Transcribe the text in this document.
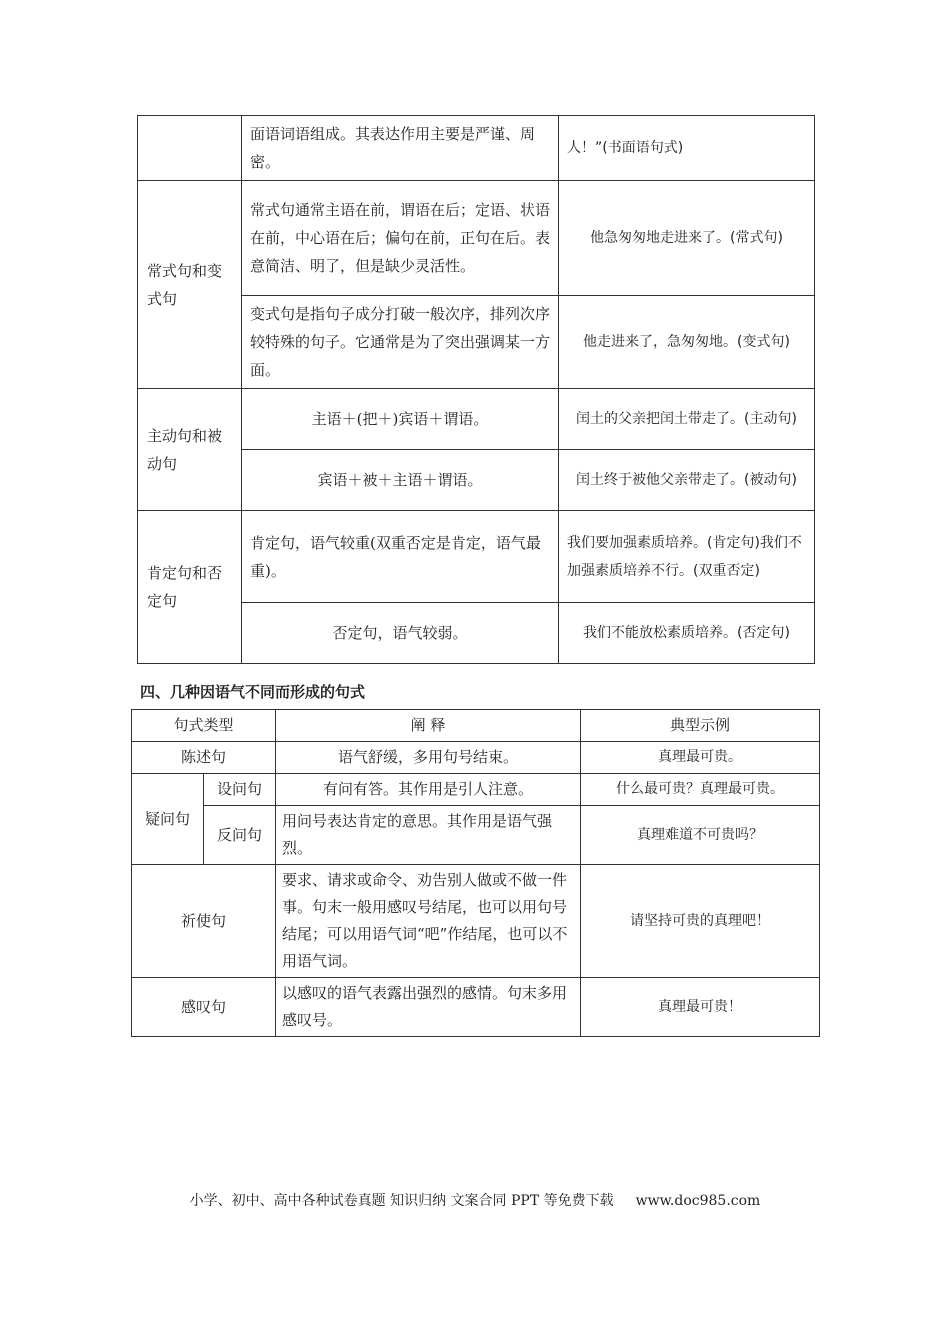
	面语词语组成。其表达作用主要是严谨、周密。	人！”(书面语句式)
常式句和变式句	常式句通常主语在前，谓语在后；定语、状语在前，中心语在后；偏句在前，正句在后。表意简洁、明了，但是缺少灵活性。	他急匆匆地走进来了。(常式句)
	变式句是指句子成分打破一般次序，排列次序较特殊的句子。它通常是为了突出强调某一方面。	他走进来了，急匆匆地。(变式句)
主动句和被动句	主语＋(把＋)宾语＋谓语。	闰土的父亲把闰土带走了。(主动句)
	宾语＋被＋主语＋谓语。	闰土终于被他父亲带走了。(被动句)
肯定句和否定句	肯定句，语气较重(双重否定是肯定，语气最重)。	我们要加强素质培养。(肯定句)我们不加强素质培养不行。(双重否定)
	否定句，语气较弱。	我们不能放松素质培养。(否定句)
四、几种因语气不同而形成的句式
句式类型		阐 释	典型示例
陈述句		语气舒缓，多用句号结束。	真理最可贵。
疑问句	设问句	有问有答。其作用是引人注意。	什么最可贵？真理最可贵。
	反问句	用问号表达肯定的意思。其作用是语气强烈。	真理难道不可贵吗？
祈使句		要求、请求或命令、劝告别人做或不做一件事。句末一般用感叹号结尾，也可以用句号结尾；可以用语气词“吧”作结尾，也可以不用语气词。	请坚持可贵的真理吧！
感叹句		以感叹的语气表露出强烈的感情。句末多用感叹号。	真理最可贵！
小学、初中、高中各种试卷真题 知识归纳 文案合同 PPT 等免费下载 www.doc985.com
